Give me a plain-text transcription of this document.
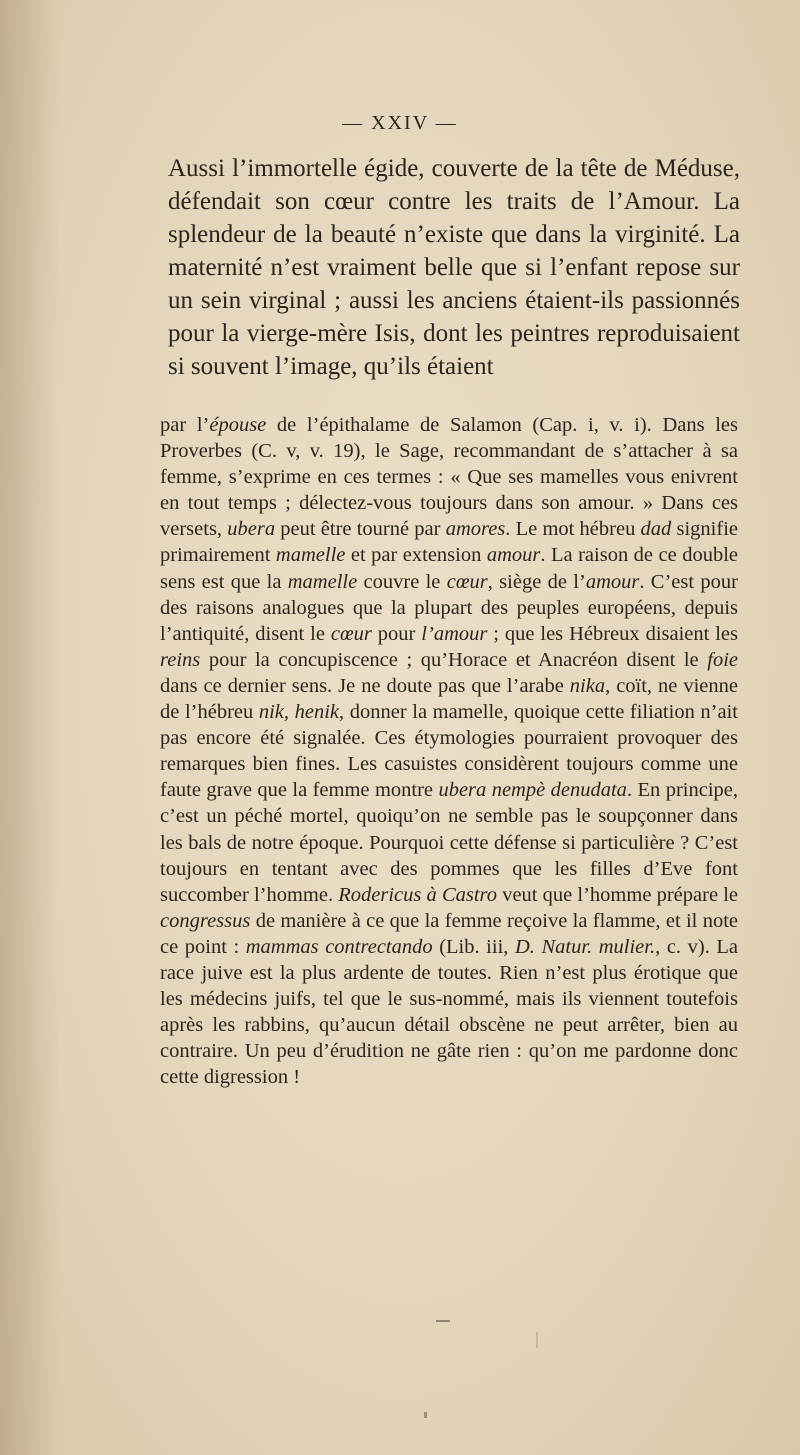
— XXIV —

Aussi l’immortelle égide, couverte de la tête de Méduse, défendait son cœur contre les traits de l’Amour. La splendeur de la beauté n’existe que dans la virginité. La maternité n’est vraiment belle que si l’enfant repose sur un sein virginal ; aussi les anciens étaient-ils passionnés pour la vierge-mère Isis, dont les peintres reproduisaient si souvent l’image, qu’ils étaient

par l’épouse de l’épithalame de Salamon (Cap. i, v. i). Dans les Proverbes (C. v, v. 19), le Sage, recommandant de s’attacher à sa femme, s’exprime en ces termes : « Que ses mamelles vous enivrent en tout temps ; délectez-vous toujours dans son amour. » Dans ces versets, ubera peut être tourné par amores. Le mot hébreu dad signifie primairement mamelle et par extension amour. La raison de ce double sens est que la mamelle couvre le cœur, siège de l’amour. C’est pour des raisons analogues que la plupart des peuples européens, depuis l’antiquité, disent le cœur pour l’amour ; que les Hébreux disaient les reins pour la concupiscence ; qu’Horace et Anacréon disent le foie dans ce dernier sens. Je ne doute pas que l’arabe nika, coït, ne vienne de l’hébreu nik, henik, donner la mamelle, quoique cette filiation n’ait pas encore été signalée. Ces étymologies pourraient provoquer des remarques bien fines. Les casuistes considèrent toujours comme une faute grave que la femme montre ubera nempè denudata. En principe, c’est un péché mortel, quoiqu’on ne semble pas le soupçonner dans les bals de notre époque. Pourquoi cette défense si particulière ? C’est toujours en tentant avec des pommes que les filles d’Eve font succomber l’homme. Rodericus à Castro veut que l’homme prépare le congressus de manière à ce que la femme reçoive la flamme, et il note ce point : mammas contrectando (Lib. iii, D. Natur. mulier., c. v). La race juive est la plus ardente de toutes. Rien n’est plus érotique que les médecins juifs, tel que le sus-nommé, mais ils viennent toutefois après les rabbins, qu’aucun détail obscène ne peut arrêter, bien au contraire. Un peu d’érudition ne gâte rien : qu’on me pardonne donc cette digression !
